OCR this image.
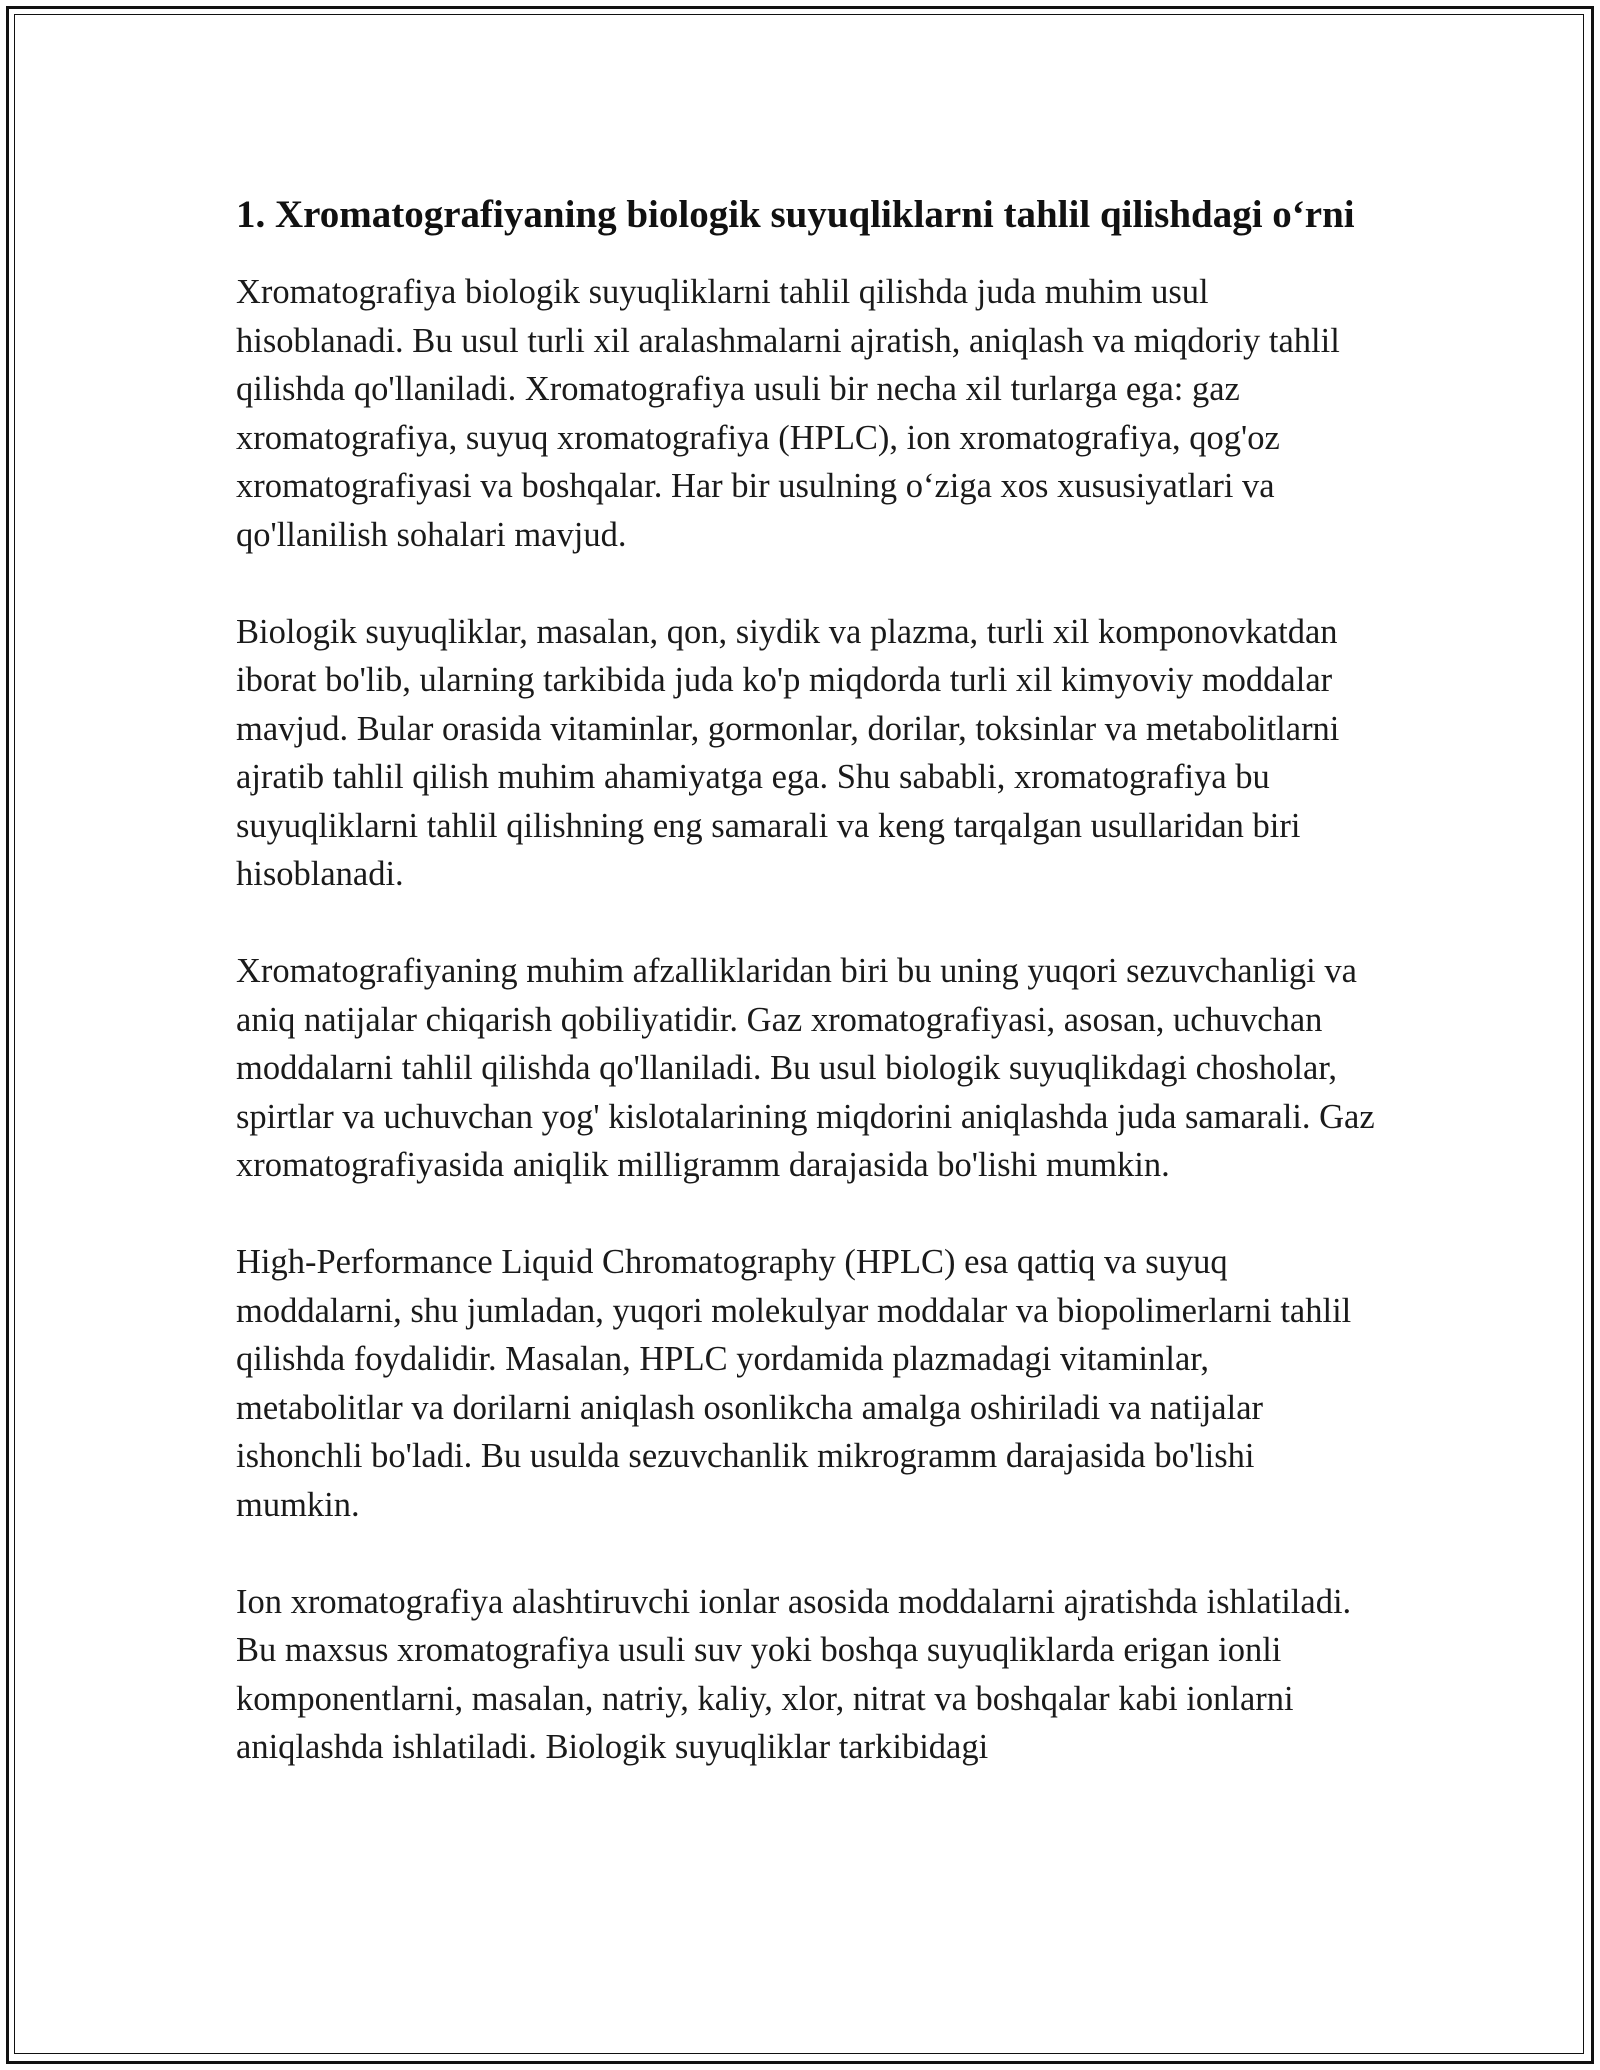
1. Xromatografiyaning biologik suyuqliklarni tahlil qilishdagi o‘rni

Xromatografiya biologik suyuqliklarni tahlil qilishda juda muhim usul hisoblanadi. Bu usul turli xil aralashmalarni ajratish, aniqlash va miqdoriy tahlil qilishda qo'llaniladi. Xromatografiya usuli bir necha xil turlarga ega: gaz xromatografiya, suyuq xromatografiya (HPLC), ion xromatografiya, qog'oz xromatografiyasi va boshqalar. Har bir usulning o‘ziga xos xususiyatlari va qo'llanilish sohalari mavjud.

Biologik suyuqliklar, masalan, qon, siydik va plazma, turli xil komponovkatdan iborat bo'lib, ularning tarkibida juda ko'p miqdorda turli xil kimyoviy moddalar mavjud. Bular orasida vitaminlar, gormonlar, dorilar, toksinlar va metabolitlarni ajratib tahlil qilish muhim ahamiyatga ega. Shu sababli, xromatografiya bu suyuqliklarni tahlil qilishning eng samarali va keng tarqalgan usullaridan biri hisoblanadi.

Xromatografiyaning muhim afzalliklaridan biri bu uning yuqori sezuvchanligi va aniq natijalar chiqarish qobiliyatidir. Gaz xromatografiyasi, asosan, uchuvchan moddalarni tahlil qilishda qo'llaniladi. Bu usul biologik suyuqlikdagi chosholar, spirtlar va uchuvchan yog' kislotalarining miqdorini aniqlashda juda samarali. Gaz xromatografiyasida aniqlik milligramm darajasida bo'lishi mumkin.

High-Performance Liquid Chromatography (HPLC) esa qattiq va suyuq moddalarni, shu jumladan, yuqori molekulyar moddalar va biopolimerlarni tahlil qilishda foydalidir. Masalan, HPLC yordamida plazmadagi vitaminlar, metabolitlar va dorilarni aniqlash osonlikcha amalga oshiriladi va natijalar ishonchli bo'ladi. Bu usulda sezuvchanlik mikrogramm darajasida bo'lishi mumkin.

Ion xromatografiya alashtiruvchi ionlar asosida moddalarni ajratishda ishlatiladi. Bu maxsus xromatografiya usuli suv yoki boshqa suyuqliklarda erigan ionli komponentlarni, masalan, natriy, kaliy, xlor, nitrat va boshqalar kabi ionlarni aniqlashda ishlatiladi. Biologik suyuqliklar tarkibidagi
